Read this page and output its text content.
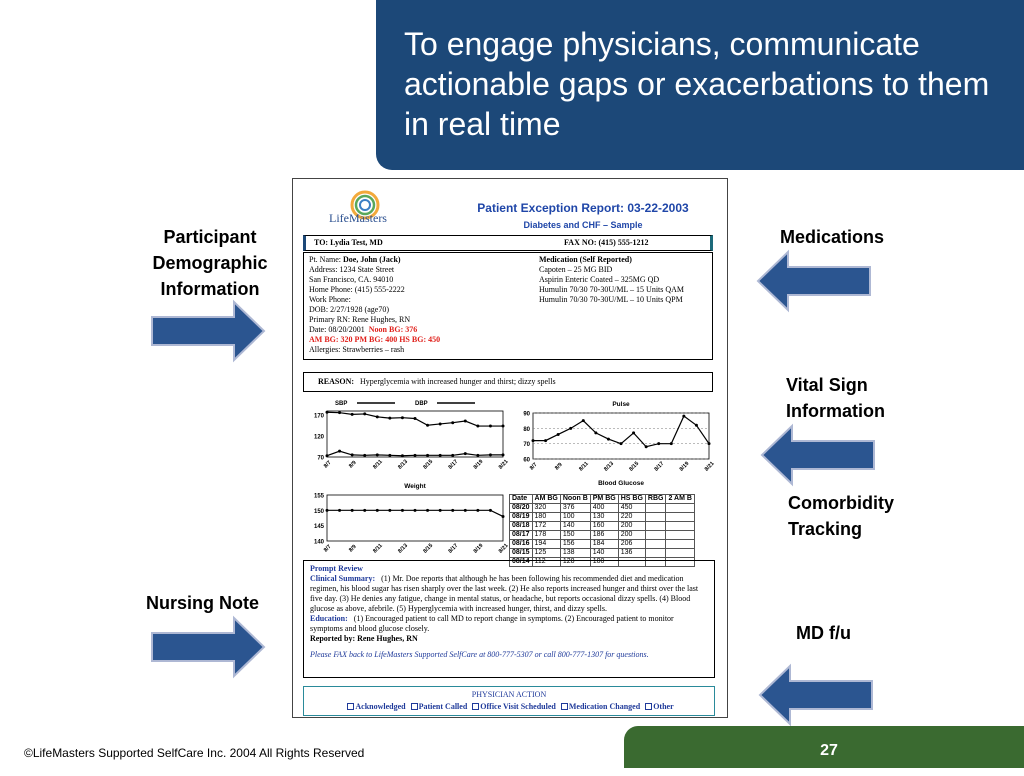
To engage physicians, communicate actionable gaps or exacerbations to them in real time
Participant
Demographic
Information
Nursing Note
Medications
Vital Sign
Information
Comorbidity
Tracking
MD f/u
LifeMasters
Patient Exception Report: 03-22-2003
Diabetes and CHF – Sample
TO: Lydia Test, MD	FAX NO: (415) 555-1212
Pt. Name: Doe, John (Jack)
Address: 1234 State Street
San Francisco, CA. 94010
Home Phone: (415) 555-2222
Work Phone:
DOB: 2/27/1928 (age70)
Primary RN: Rene Hughes, RN
Date: 08/20/2001 Noon BG: 376
AM BG: 320 PM BG: 400 HS BG: 450
Allergies: Strawberries – rash
Medication (Self Reported)
Capoten – 25 MG BID
Aspirin Enteric Coated – 325MG QD
Humulin 70/30 70-30U/ML – 15 Units QAM
Humulin 70/30 70-30U/ML – 10 Units QPM
REASON: Hyperglycemia with increased hunger and thirst; dizzy spells
70
120
170
8/7	8/9	8/11 8/13 8/15 8/17 8/19 8/21
SBP	DBP
60
70
80
90
8/7	8/9	8/11 8/13 8/15 8/17 8/19 8/21
Pulse
Blood Glucose
140
145
150
155
8/7	8/9	8/11 8/13 8/15 8/17 8/19 8/21
Weight
Date	AM BG	Noon B	PM BG	HS BG	RBG	2 AM B
08/20	320	376	400	450		
08/19	180	100	130	220		
08/18	172	140	160	200		
08/17	178	150	186	200		
08/16	194	156	184	206		
08/15	125	138	140	136		
08/14	112	128	100			
Prompt Review
Clinical Summary: (1) Mr. Doe reports that although he has been following his recommended diet and medication regimen, his blood sugar has risen sharply over the last week. (2) He also reports increased hunger and thirst over the last five day. (3) He denies any fatigue, change in mental status, or headache, but reports occasional dizzy spells. (4) Blood glucose as above, afebrile. (5) Hyperglycemia with increased hunger, thirst, and dizzy spells.
Education: (1) Encouraged patient to call MD to report change in symptoms. (2) Encouraged patient to monitor symptoms and blood glucose closely.
Reported by: Rene Hughes, RN
Please FAX back to LifeMasters Supported SelfCare at 800-777-5307 or call 800-777-1307 for questions.
PHYSICIAN ACTION
Acknowledged Patient Called Office Visit Scheduled Medication Changed Other
©LifeMasters Supported SelfCare Inc. 2004 All Rights Reserved	27
